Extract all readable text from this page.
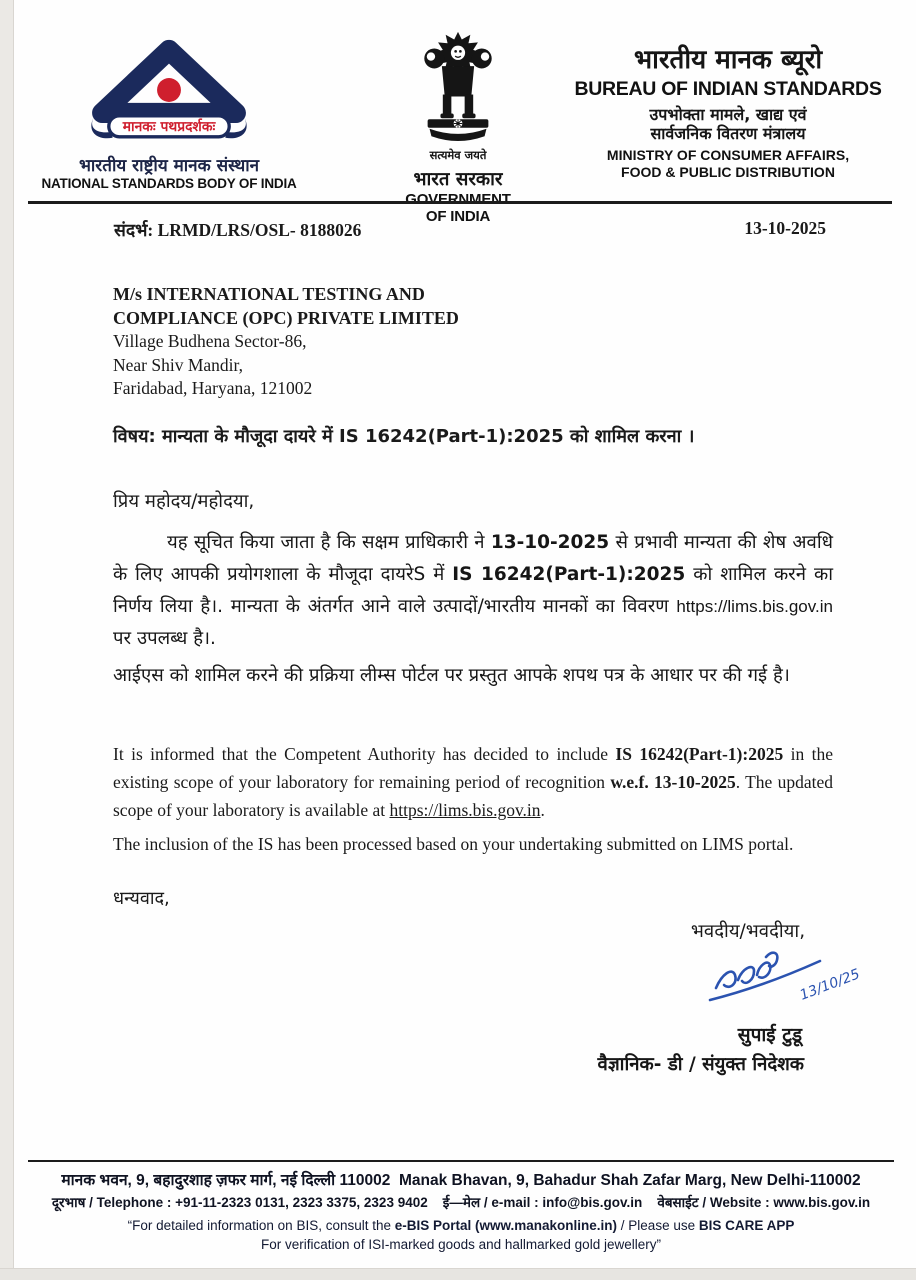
मानकः पथप्रदर्शकः
भारतीय राष्ट्रीय मानक संस्थान
NATIONAL STANDARDS BODY OF INDIA
सत्यमेव जयते
भारत सरकार
GOVERNMENT OF INDIA
भारतीय मानक ब्यूरो
BUREAU OF INDIAN STANDARDS
उपभोक्ता मामले, खाद्य एवं
सार्वजनिक वितरण मंत्रालय
MINISTRY OF CONSUMER AFFAIRS,
FOOD & PUBLIC DISTRIBUTION
संदर्भ: LRMD/LRS/OSL- 8188026	13-10-2025
M/s INTERNATIONAL TESTING AND
COMPLIANCE (OPC) PRIVATE LIMITED
Village Budhena Sector-86,
Near Shiv Mandir,
Faridabad, Haryana, 121002
विषय: मान्यता के मौजूदा दायरे में IS 16242(Part-1):2025 को शामिल करना ।
प्रिय महोदय/महोदया,
यह सूचित किया जाता है कि सक्षम प्राधिकारी ने 13-10-2025 से प्रभावी मान्यता की शेष अवधि के लिए आपकी प्रयोगशाला के मौजूदा दायरेS में IS 16242(Part-1):2025 को शामिल करने का निर्णय लिया है।. मान्यता के अंतर्गत आने वाले उत्पादों/भारतीय मानकों का विवरण https://lims.bis.gov.in पर उपलब्ध है।.
आईएस को शामिल करने की प्रक्रिया लीम्स पोर्टल पर प्रस्तुत आपके शपथ पत्र के आधार पर की गई है।
It is informed that the Competent Authority has decided to include IS 16242(Part-1):2025 in the existing scope of your laboratory for remaining period of recognition w.e.f. 13-10-2025. The updated scope of your laboratory is available at https://lims.bis.gov.in.
The inclusion of the IS has been processed based on your undertaking submitted on LIMS portal.
धन्यवाद,
भवदीय/भवदीया,
13/10/25
सुपाई टुडू
वैज्ञानिक- डी / संयुक्त निदेशक
मानक भवन, 9, बहादुरशाह ज़फर मार्ग, नई दिल्ली 110002 Manak Bhavan, 9, Bahadur Shah Zafar Marg, New Delhi-110002
दूरभाष / Telephone : +91-11-2323 0131, 2323 3375, 2323 9402 ई—मेल / e-mail : info@bis.gov.in वेबसाईट / Website : www.bis.gov.in
“For detailed information on BIS, consult the e-BIS Portal (www.manakonline.in) / Please use BIS CARE APP
For verification of ISI-marked goods and hallmarked gold jewellery”
